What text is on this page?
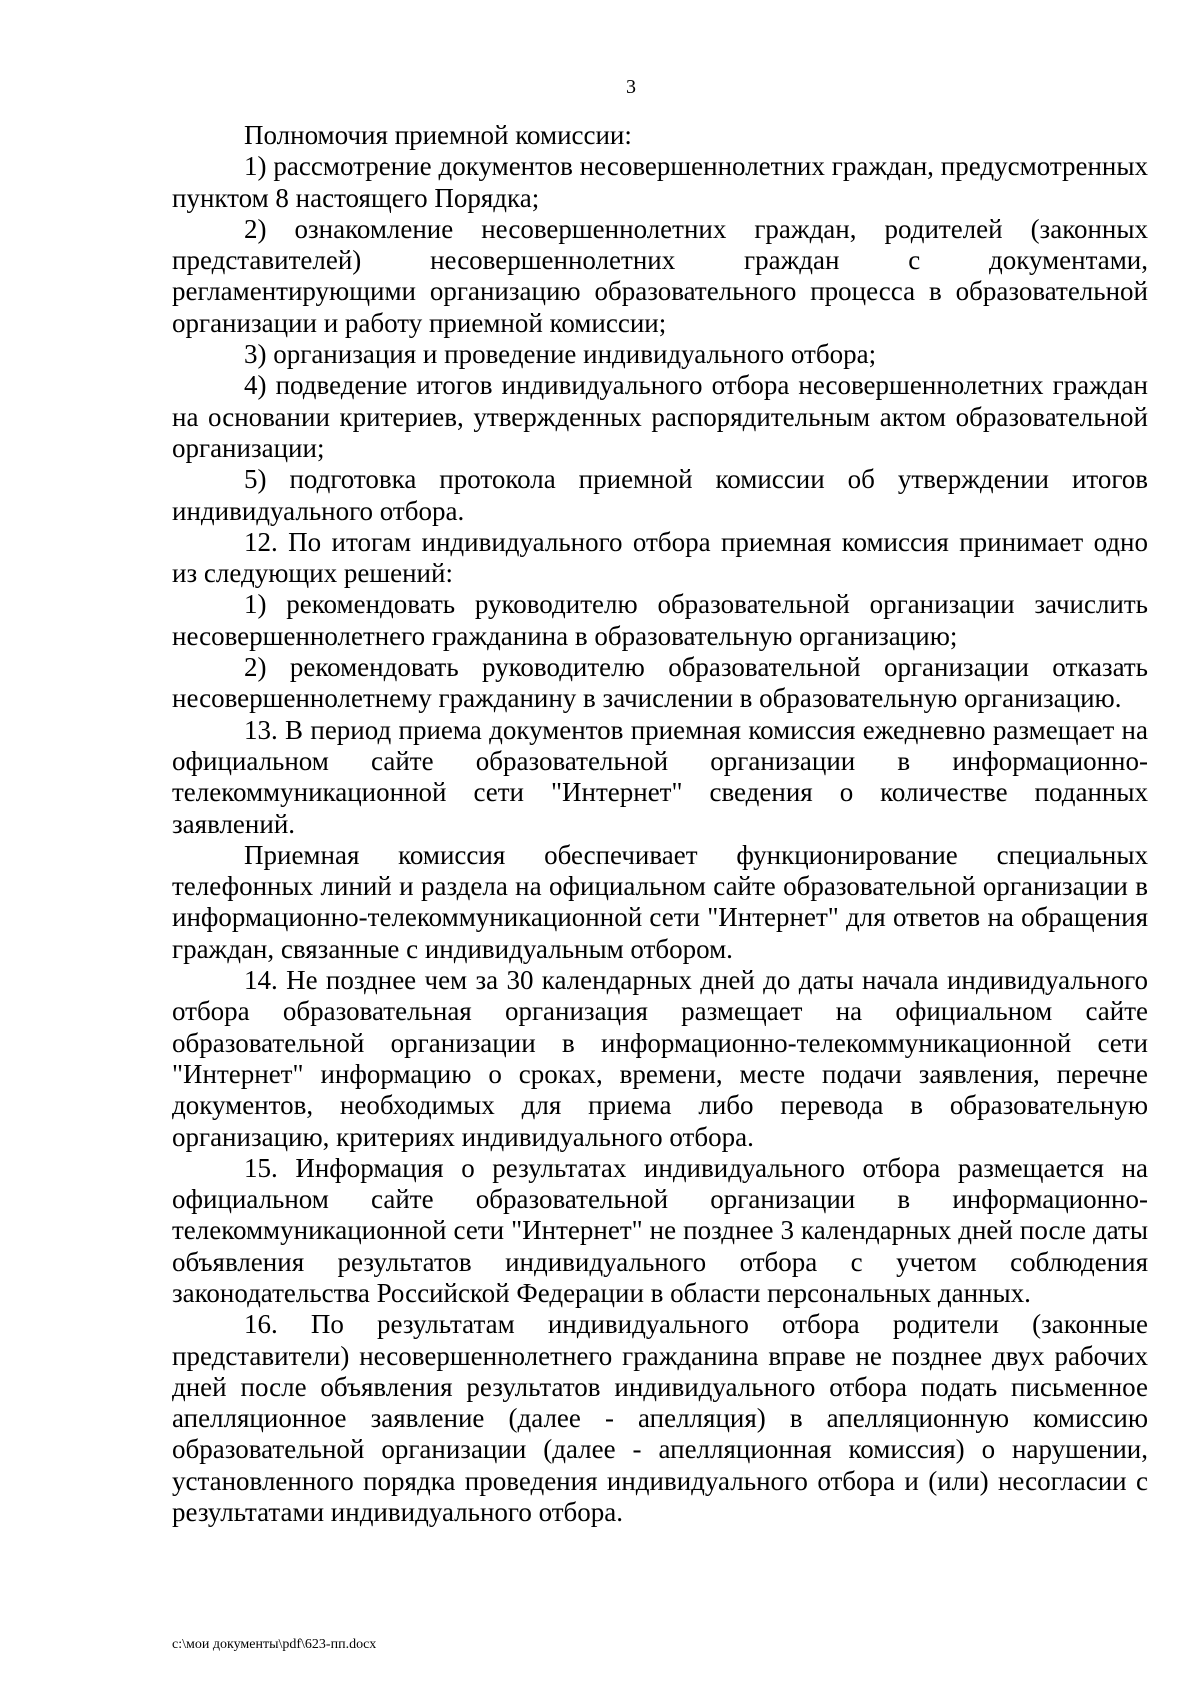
3

Полномочия приемной комиссии:

1) рассмотрение документов несовершеннолетних граждан, предусмотренных пунктом 8 настоящего Порядка;

2) ознакомление несовершеннолетних граждан, родителей (законных представителей) несовершеннолетних граждан с документами, регламентирующими организацию образовательного процесса в образовательной организации и работу приемной комиссии;

3) организация и проведение индивидуального отбора;

4) подведение итогов индивидуального отбора несовершеннолетних граждан на основании критериев, утвержденных распорядительным актом образовательной организации;

5) подготовка протокола приемной комиссии об утверждении итогов индивидуального отбора.

12. По итогам индивидуального отбора приемная комиссия принимает одно из следующих решений:

1) рекомендовать руководителю образовательной организации зачислить несовершеннолетнего гражданина в образовательную организацию;

2) рекомендовать руководителю образовательной организации отказать несовершеннолетнему гражданину в зачислении в образовательную организацию.

13. В период приема документов приемная комиссия ежедневно размещает на официальном сайте образовательной организации в информационно-телекоммуникационной сети "Интернет" сведения о количестве поданных заявлений.

Приемная комиссия обеспечивает функционирование специальных телефонных линий и раздела на официальном сайте образовательной организации в информационно-телекоммуникационной сети "Интернет" для ответов на обращения граждан, связанные с индивидуальным отбором.

14. Не позднее чем за 30 календарных дней до даты начала индивидуального отбора образовательная организация размещает на официальном сайте образовательной организации в информационно-телекоммуникационной сети "Интернет" информацию о сроках, времени, месте подачи заявления, перечне документов, необходимых для приема либо перевода в образовательную организацию, критериях индивидуального отбора.

15. Информация о результатах индивидуального отбора размещается на официальном сайте образовательной организации в информационно-телекоммуникационной сети "Интернет" не позднее 3 календарных дней после даты объявления результатов индивидуального отбора с учетом соблюдения законодательства Российской Федерации в области персональных данных.

16. По результатам индивидуального отбора родители (законные представители) несовершеннолетнего гражданина вправе не позднее двух рабочих дней после объявления результатов индивидуального отбора подать письменное апелляционное заявление (далее - апелляция) в апелляционную комиссию образовательной организации (далее - апелляционная комиссия) о нарушении, установленного порядка проведения индивидуального отбора и (или) несогласии с результатами индивидуального отбора.

c:\мои документы\pdf\623-пп.docx
